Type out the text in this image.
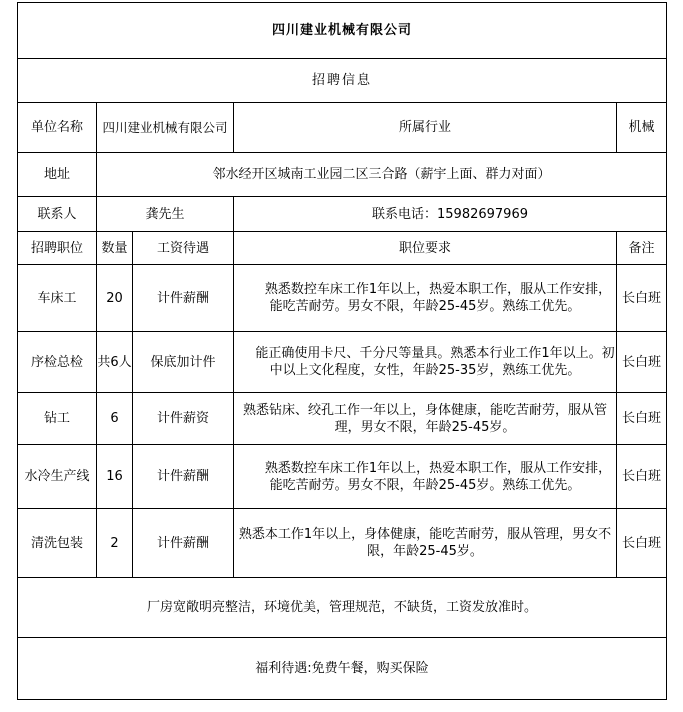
四川建业机械有限公司				
招聘信息				
单位名称	四川建业机械有限公司		所属行业	机械
地址	邻水经开区城南工业园二区三合路（薪宇上面、群力对面）			
联系人	龚先生		联系电话：15982697969	
招聘职位	数量	工资待遇	职位要求	备注
车床工	20	计件薪酬	熟悉数控车床工作1年以上，热爱本职工作，服从工作安排，能吃苦耐劳。男女不限，年龄25-45岁。熟练工优先。	长白班
序检总检	共6人	保底加计件	能正确使用卡尺、千分尺等量具。熟悉本行业工作1年以上。初中以上文化程度，女性，年龄25-35岁，熟练工优先。	长白班
钻工	6	计件薪资	熟悉钻床、绞孔工作一年以上，身体健康，能吃苦耐劳，服从管理，男女不限，年龄25-45岁。	长白班
水冷生产线	16	计件薪酬	熟悉数控车床工作1年以上，热爱本职工作，服从工作安排，能吃苦耐劳。男女不限，年龄25-45岁。熟练工优先。	长白班
清洗包装	2	计件薪酬	熟悉本工作1年以上，身体健康，能吃苦耐劳，服从管理，男女不限，年龄25-45岁。	长白班
厂房宽敞明亮整洁，环境优美，管理规范，不缺货，工资发放准时。				
福利待遇:免费午餐，购买保险				
